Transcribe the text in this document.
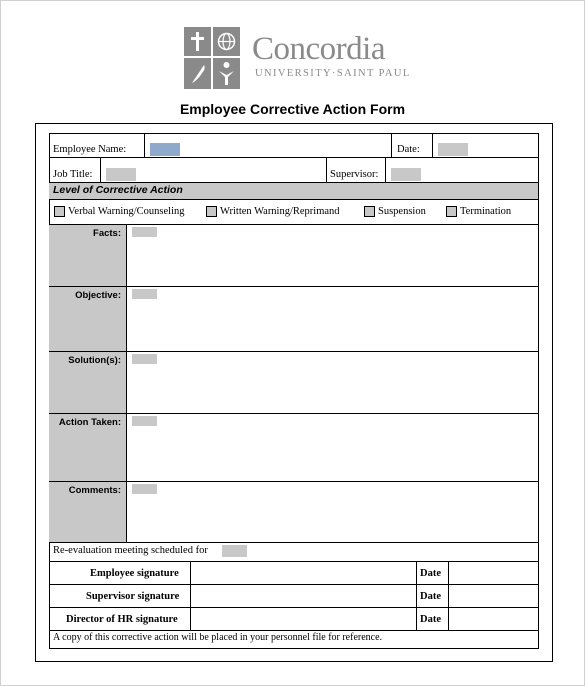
Concordia
UNIVERSITY·SAINT PAUL
Employee Corrective Action Form
Employee Name:	Date:
Job Title:	Supervisor:
Level of Corrective Action
Verbal Warning/Counseling	Written Warning/Reprimand	Suspension	Termination
Facts:
Objective:
Solution(s):
Action Taken:
Comments:
Re-evaluation meeting scheduled for
Employee signature	Date
Supervisor signature	Date
Director of HR signature	Date
A copy of this corrective action will be placed in your personnel file for reference.
